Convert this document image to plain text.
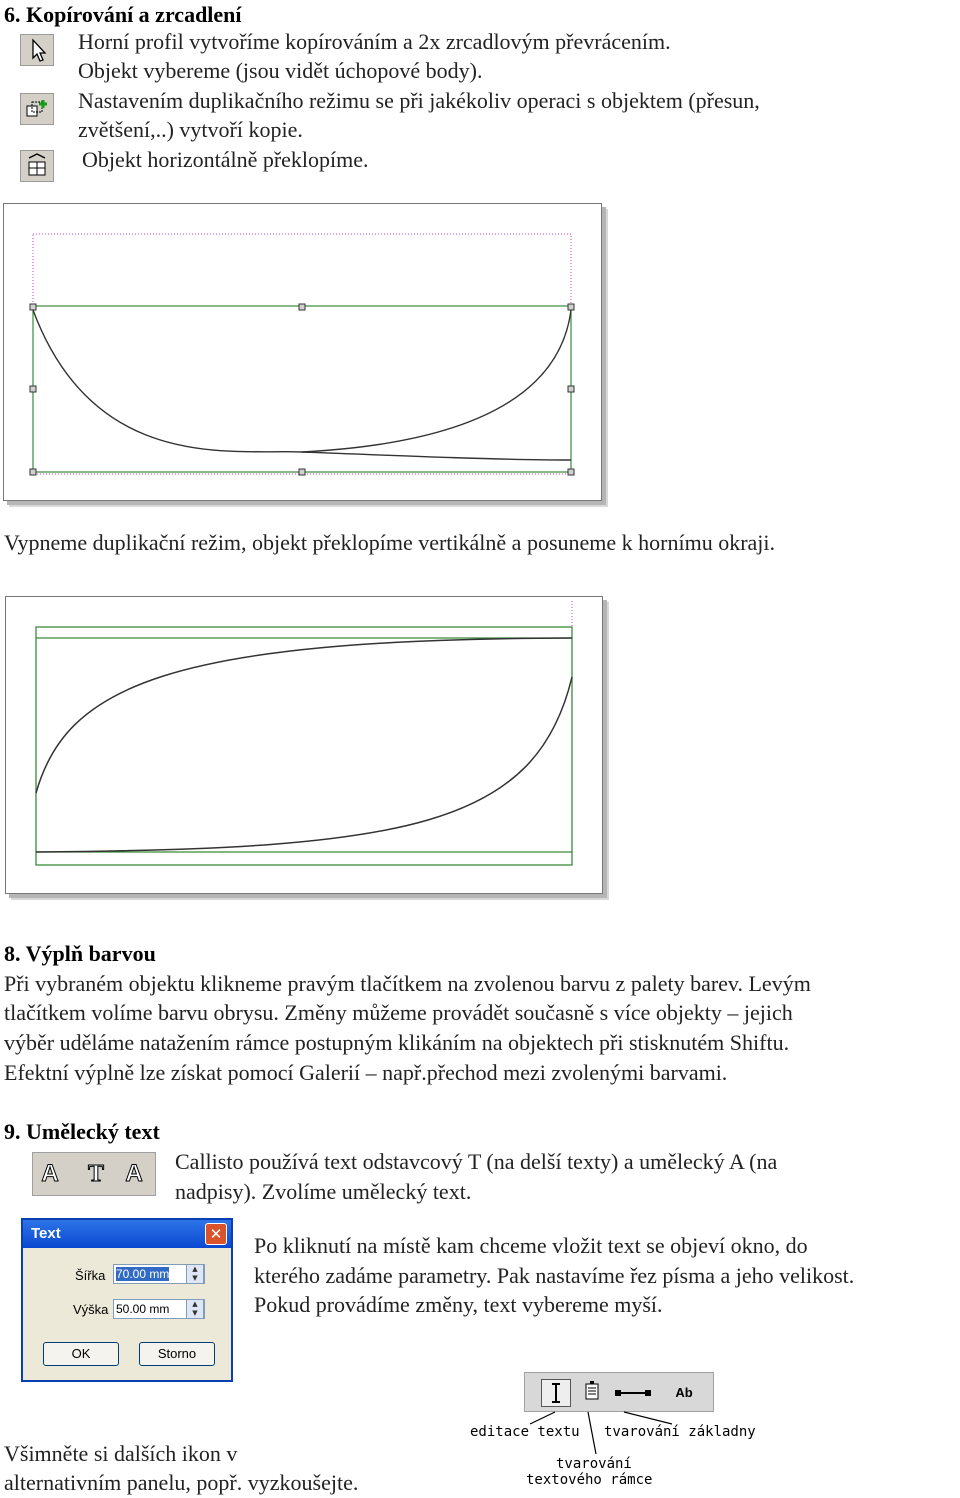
6. Kopírování a zrcadlení
Horní profil vytvoříme kopírováním a 2x zrcadlovým převrácením.
Objekt vybereme (jsou vidět úchopové body).
Nastavením duplikačního režimu se při jakékoliv operaci s objektem (přesun,
zvětšení,..) vytvoří kopie.
Objekt horizontálně překlopíme.
Vypneme duplikační režim, objekt překlopíme vertikálně a posuneme k hornímu okraji.
8. Výplň barvou
Při vybraném objektu klikneme pravým tlačítkem na zvolenou barvu z palety barev. Levým
tlačítkem volíme barvu obrysu. Změny můžeme provádět současně s více objekty – jejich
výběr uděláme natažením rámce postupným klikáním na objektech při stisknutém Shiftu.
Efektní výplně lze získat pomocí Galerií – např.přechod mezi zvolenými barvami.
9. Umělecký text
A T A Callisto používá text odstavcový T (na delší texty) a umělecký A (na
nadpisy). Zvolíme umělecký text.
Text	✕
Šířka 70.00 mm	▲
▼
Výška 50.00 mm	▲
▼
OK	Storno
Po kliknutí na místě kam chceme vložit text se objeví okno, do
kterého zadáme parametry. Pak nastavíme řez písma a jeho velikost.
Pokud provádíme změny, text vybereme myší.
Ab
editace textu tvarování základny
tvarování
textového rámce
Všimněte si dalších ikon v
alternativním panelu, popř. vyzkoušejte.
